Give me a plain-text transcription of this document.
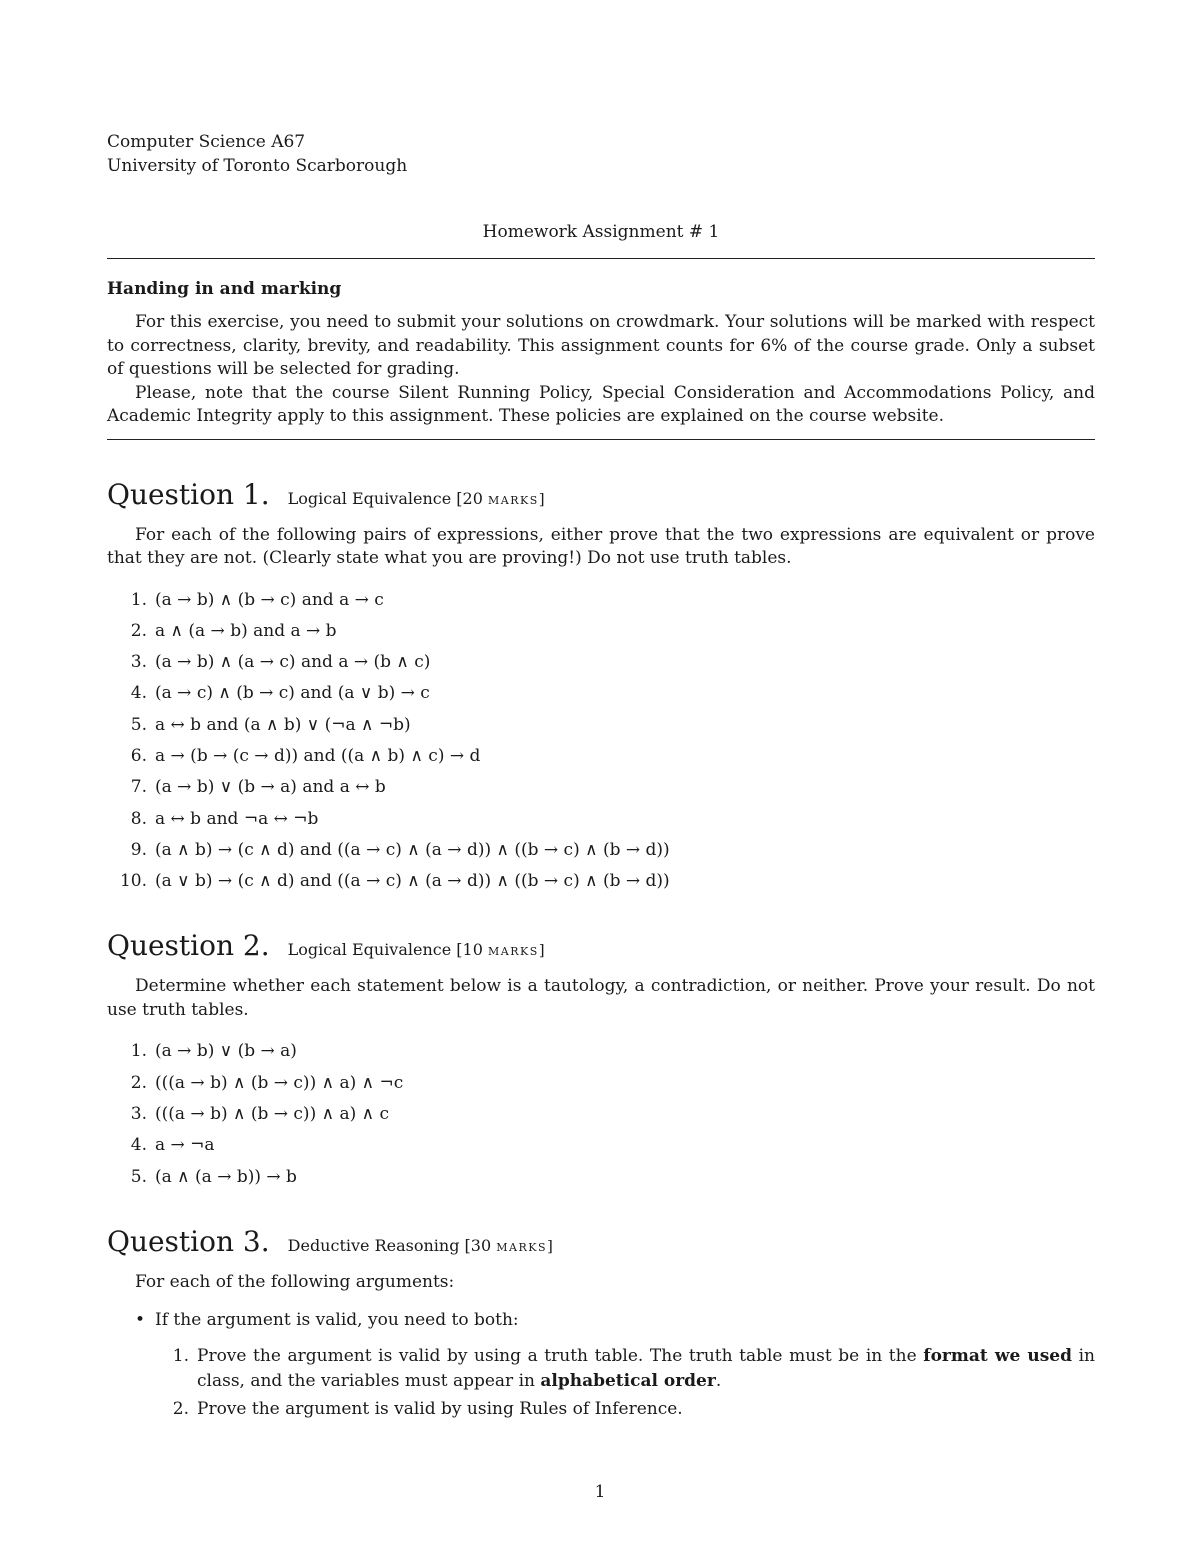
Computer Science A67

University of Toronto Scarborough

Homework Assignment # 1
Handing in and marking

For this exercise, you need to submit your solutions on crowdmark. Your solutions will be marked with respect to correctness, clarity, brevity, and readability. This assignment counts for 6% of the course grade. Only a subset of questions will be selected for grading.

Please, note that the course Silent Running Policy, Special Consideration and Accommodations Policy, and Academic Integrity apply to this assignment. These policies are explained on the course website.

Question 1. Logical Equivalence [20 marks]

For each of the following pairs of expressions, either prove that the two expressions are equivalent or prove that they are not. (Clearly state what you are proving!) Do not use truth tables.

1. (a → b) ∧ (b → c) and a → c
2. a ∧ (a → b) and a → b
3. (a → b) ∧ (a → c) and a → (b ∧ c)
4. (a → c) ∧ (b → c) and (a ∨ b) → c
5. a ↔ b and (a ∧ b) ∨ (¬a ∧ ¬b)
6. a → (b → (c → d)) and ((a ∧ b) ∧ c) → d
7. (a → b) ∨ (b → a) and a ↔ b
8. a ↔ b and ¬a ↔ ¬b
9. (a ∧ b) → (c ∧ d) and ((a → c) ∧ (a → d)) ∧ ((b → c) ∧ (b → d))
10. (a ∨ b) → (c ∧ d) and ((a → c) ∧ (a → d)) ∧ ((b → c) ∧ (b → d))
Question 2. Logical Equivalence [10 marks]

Determine whether each statement below is a tautology, a contradiction, or neither. Prove your result. Do not use truth tables.

1. (a → b) ∨ (b → a)
2. (((a → b) ∧ (b → c)) ∧ a) ∧ ¬c
3. (((a → b) ∧ (b → c)) ∧ a) ∧ c
4. a → ¬a
5. (a ∧ (a → b)) → b
Question 3. Deductive Reasoning [30 marks]

For each of the following arguments:

• If the argument is valid, you need to both:
1. Prove the argument is valid by using a truth table. The truth table must be in the format we used in class, and the variables must appear in alphabetical order.
2. Prove the argument is valid by using Rules of Inference.
1
